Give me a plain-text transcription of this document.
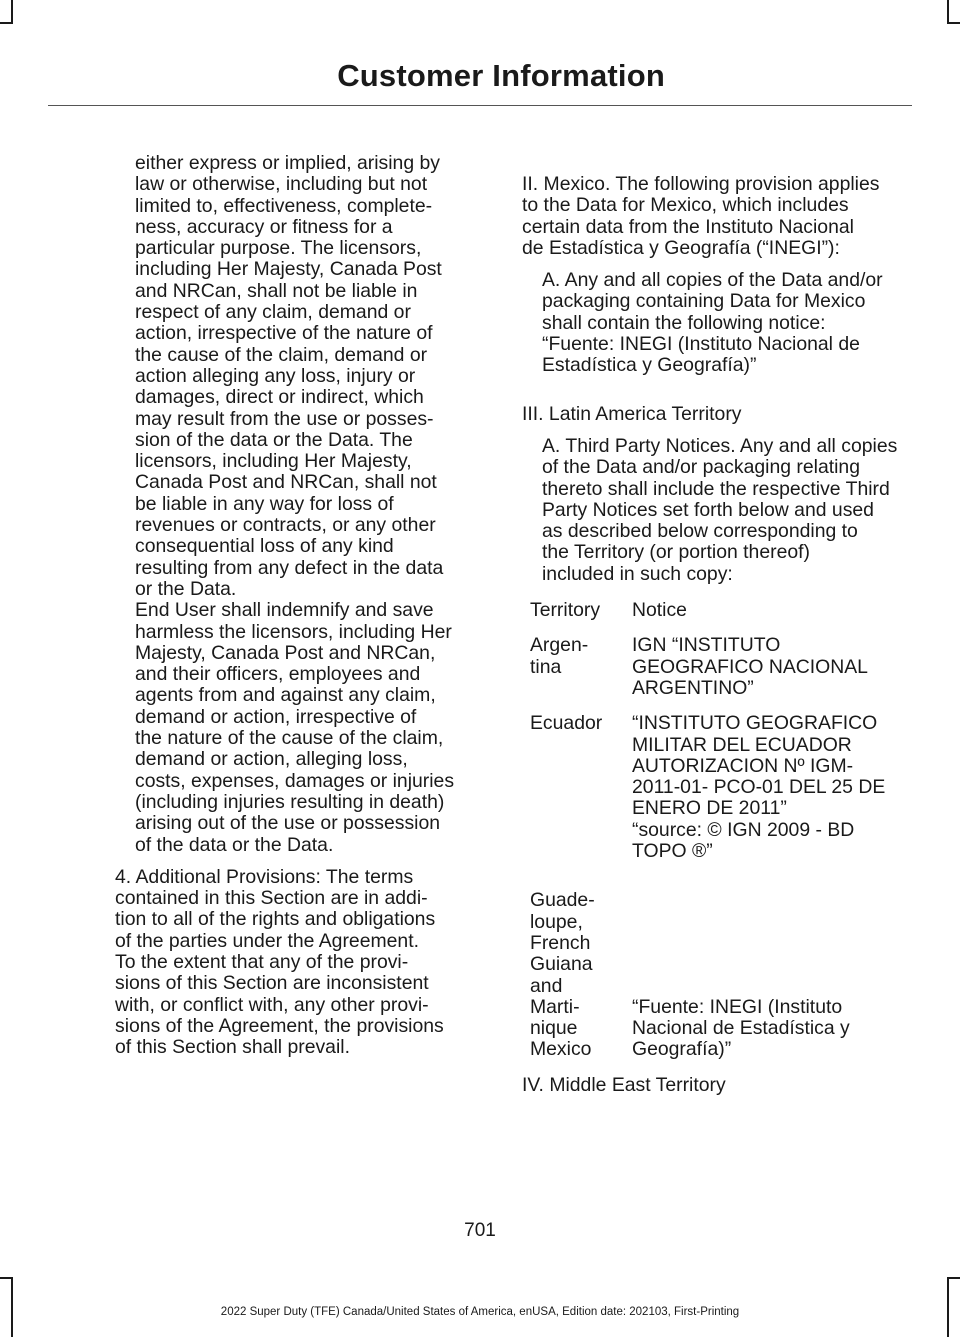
Customer Information

either express or implied, arising by
law or otherwise, including but not
limited to, effectiveness, complete-
ness, accuracy or fitness for a
particular purpose. The licensors,
including Her Majesty, Canada Post
and NRCan, shall not be liable in
respect of any claim, demand or
action, irrespective of the nature of
the cause of the claim, demand or
action alleging any loss, injury or
damages, direct or indirect, which
may result from the use or posses-
sion of the data or the Data. The
licensors, including Her Majesty,
Canada Post and NRCan, shall not
be liable in any way for loss of
revenues or contracts, or any other
consequential loss of any kind
resulting from any defect in the data
or the Data.

End User shall indemnify and save
harmless the licensors, including Her
Majesty, Canada Post and NRCan,
and their officers, employees and
agents from and against any claim,
demand or action, irrespective of
the nature of the cause of the claim,
demand or action, alleging loss,
costs, expenses, damages or injuries
(including injuries resulting in death)
arising out of the use or possession
of the data or the Data.

4. Additional Provisions: The terms
contained in this Section are in addi-
tion to all of the rights and obligations
of the parties under the Agreement.
To the extent that any of the provi-
sions of this Section are inconsistent
with, or conflict with, any other provi-
sions of the Agreement, the provisions
of this Section shall prevail.

II. Mexico. The following provision applies
to the Data for Mexico, which includes
certain data from the Instituto Nacional
de Estadística y Geografía (“INEGI”):

A. Any and all copies of the Data and/or
packaging containing Data for Mexico
shall contain the following notice:
“Fuente: INEGI (Instituto Nacional de
Estadística y Geografía)”

III. Latin America Territory

A. Third Party Notices. Any and all copies
of the Data and/or packaging relating
thereto shall include the respective Third
Party Notices set forth below and used
as described below corresponding to
the Territory (or portion thereof)
included in such copy:

Territory	Notice
Argen-
tina
IGN “INSTITUTO
GEOGRAFICO NACIONAL
ARGENTINO”
Ecuador	“INSTITUTO GEOGRAFICO
MILITAR DEL ECUADOR
AUTORIZACION Nº IGM-
2011-01- PCO-01 DEL 25 DE
ENERO DE 2011”
“source: © IGN 2009 - BD
TOPO ®”
Guade-
loupe,
French
Guiana
and
Marti-
nique
Mexico
“Fuente: INEGI (Instituto
Nacional de Estadística y
Geografía)”

IV. Middle East Territory

701
2022 Super Duty (TFE) Canada/United States of America, enUSA, Edition date: 202103, First-Printing
